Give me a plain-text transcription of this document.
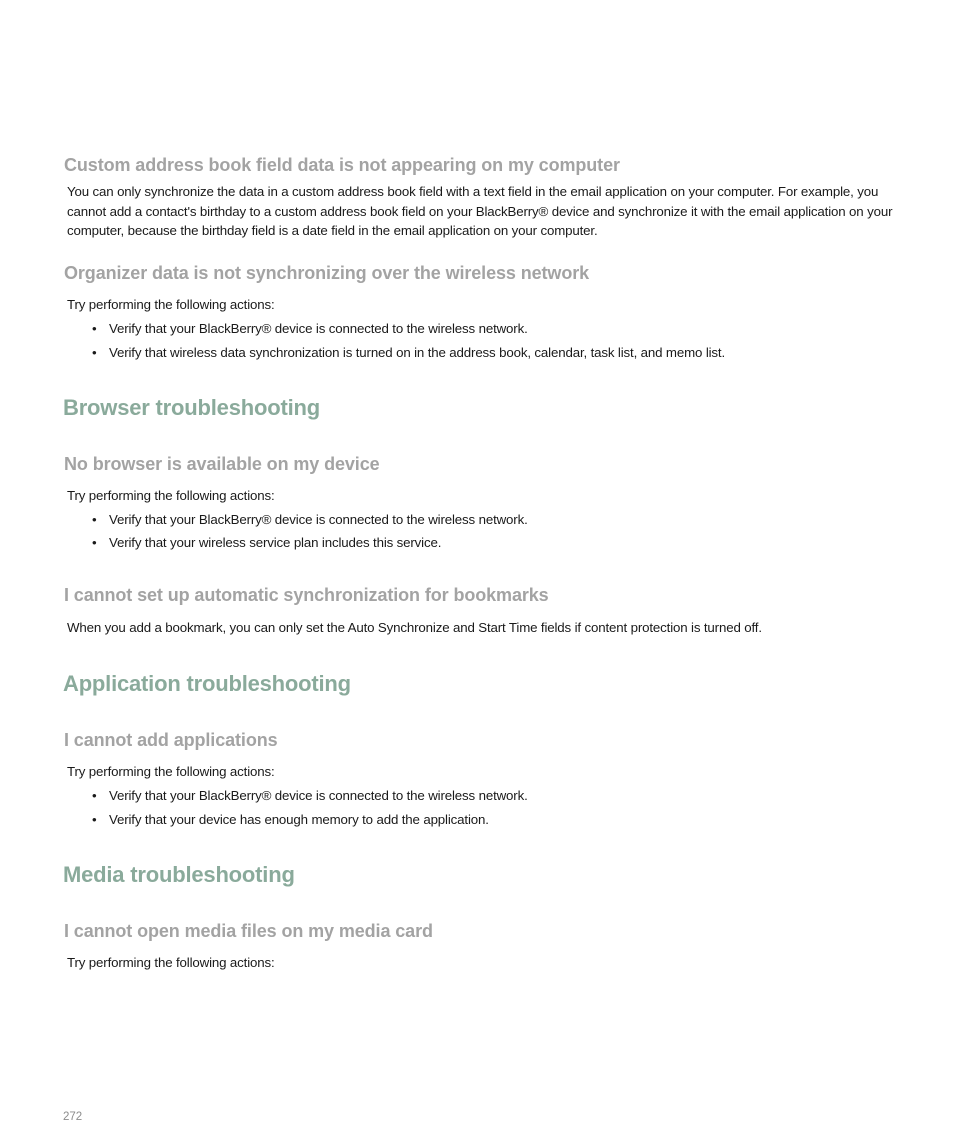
Custom address book field data is not appearing on my computer

You can only synchronize the data in a custom address book field with a text field in the email application on your computer. For example, you cannot add a contact's birthday to a custom address book field on your BlackBerry® device and synchronize it with the email application on your computer, because the birthday field is a date field in the email application on your computer.

Organizer data is not synchronizing over the wireless network

Try performing the following actions:

• Verify that your BlackBerry® device is connected to the wireless network.

• Verify that wireless data synchronization is turned on in the address book, calendar, task list, and memo list.

Browser troubleshooting
No browser is available on my device

Try performing the following actions:

• Verify that your BlackBerry® device is connected to the wireless network.

• Verify that your wireless service plan includes this service.

I cannot set up automatic synchronization for bookmarks

When you add a bookmark, you can only set the Auto Synchronize and Start Time fields if content protection is turned off.

Application troubleshooting
I cannot add applications

Try performing the following actions:

• Verify that your BlackBerry® device is connected to the wireless network.

• Verify that your device has enough memory to add the application.

Media troubleshooting
I cannot open media files on my media card

Try performing the following actions:

272
